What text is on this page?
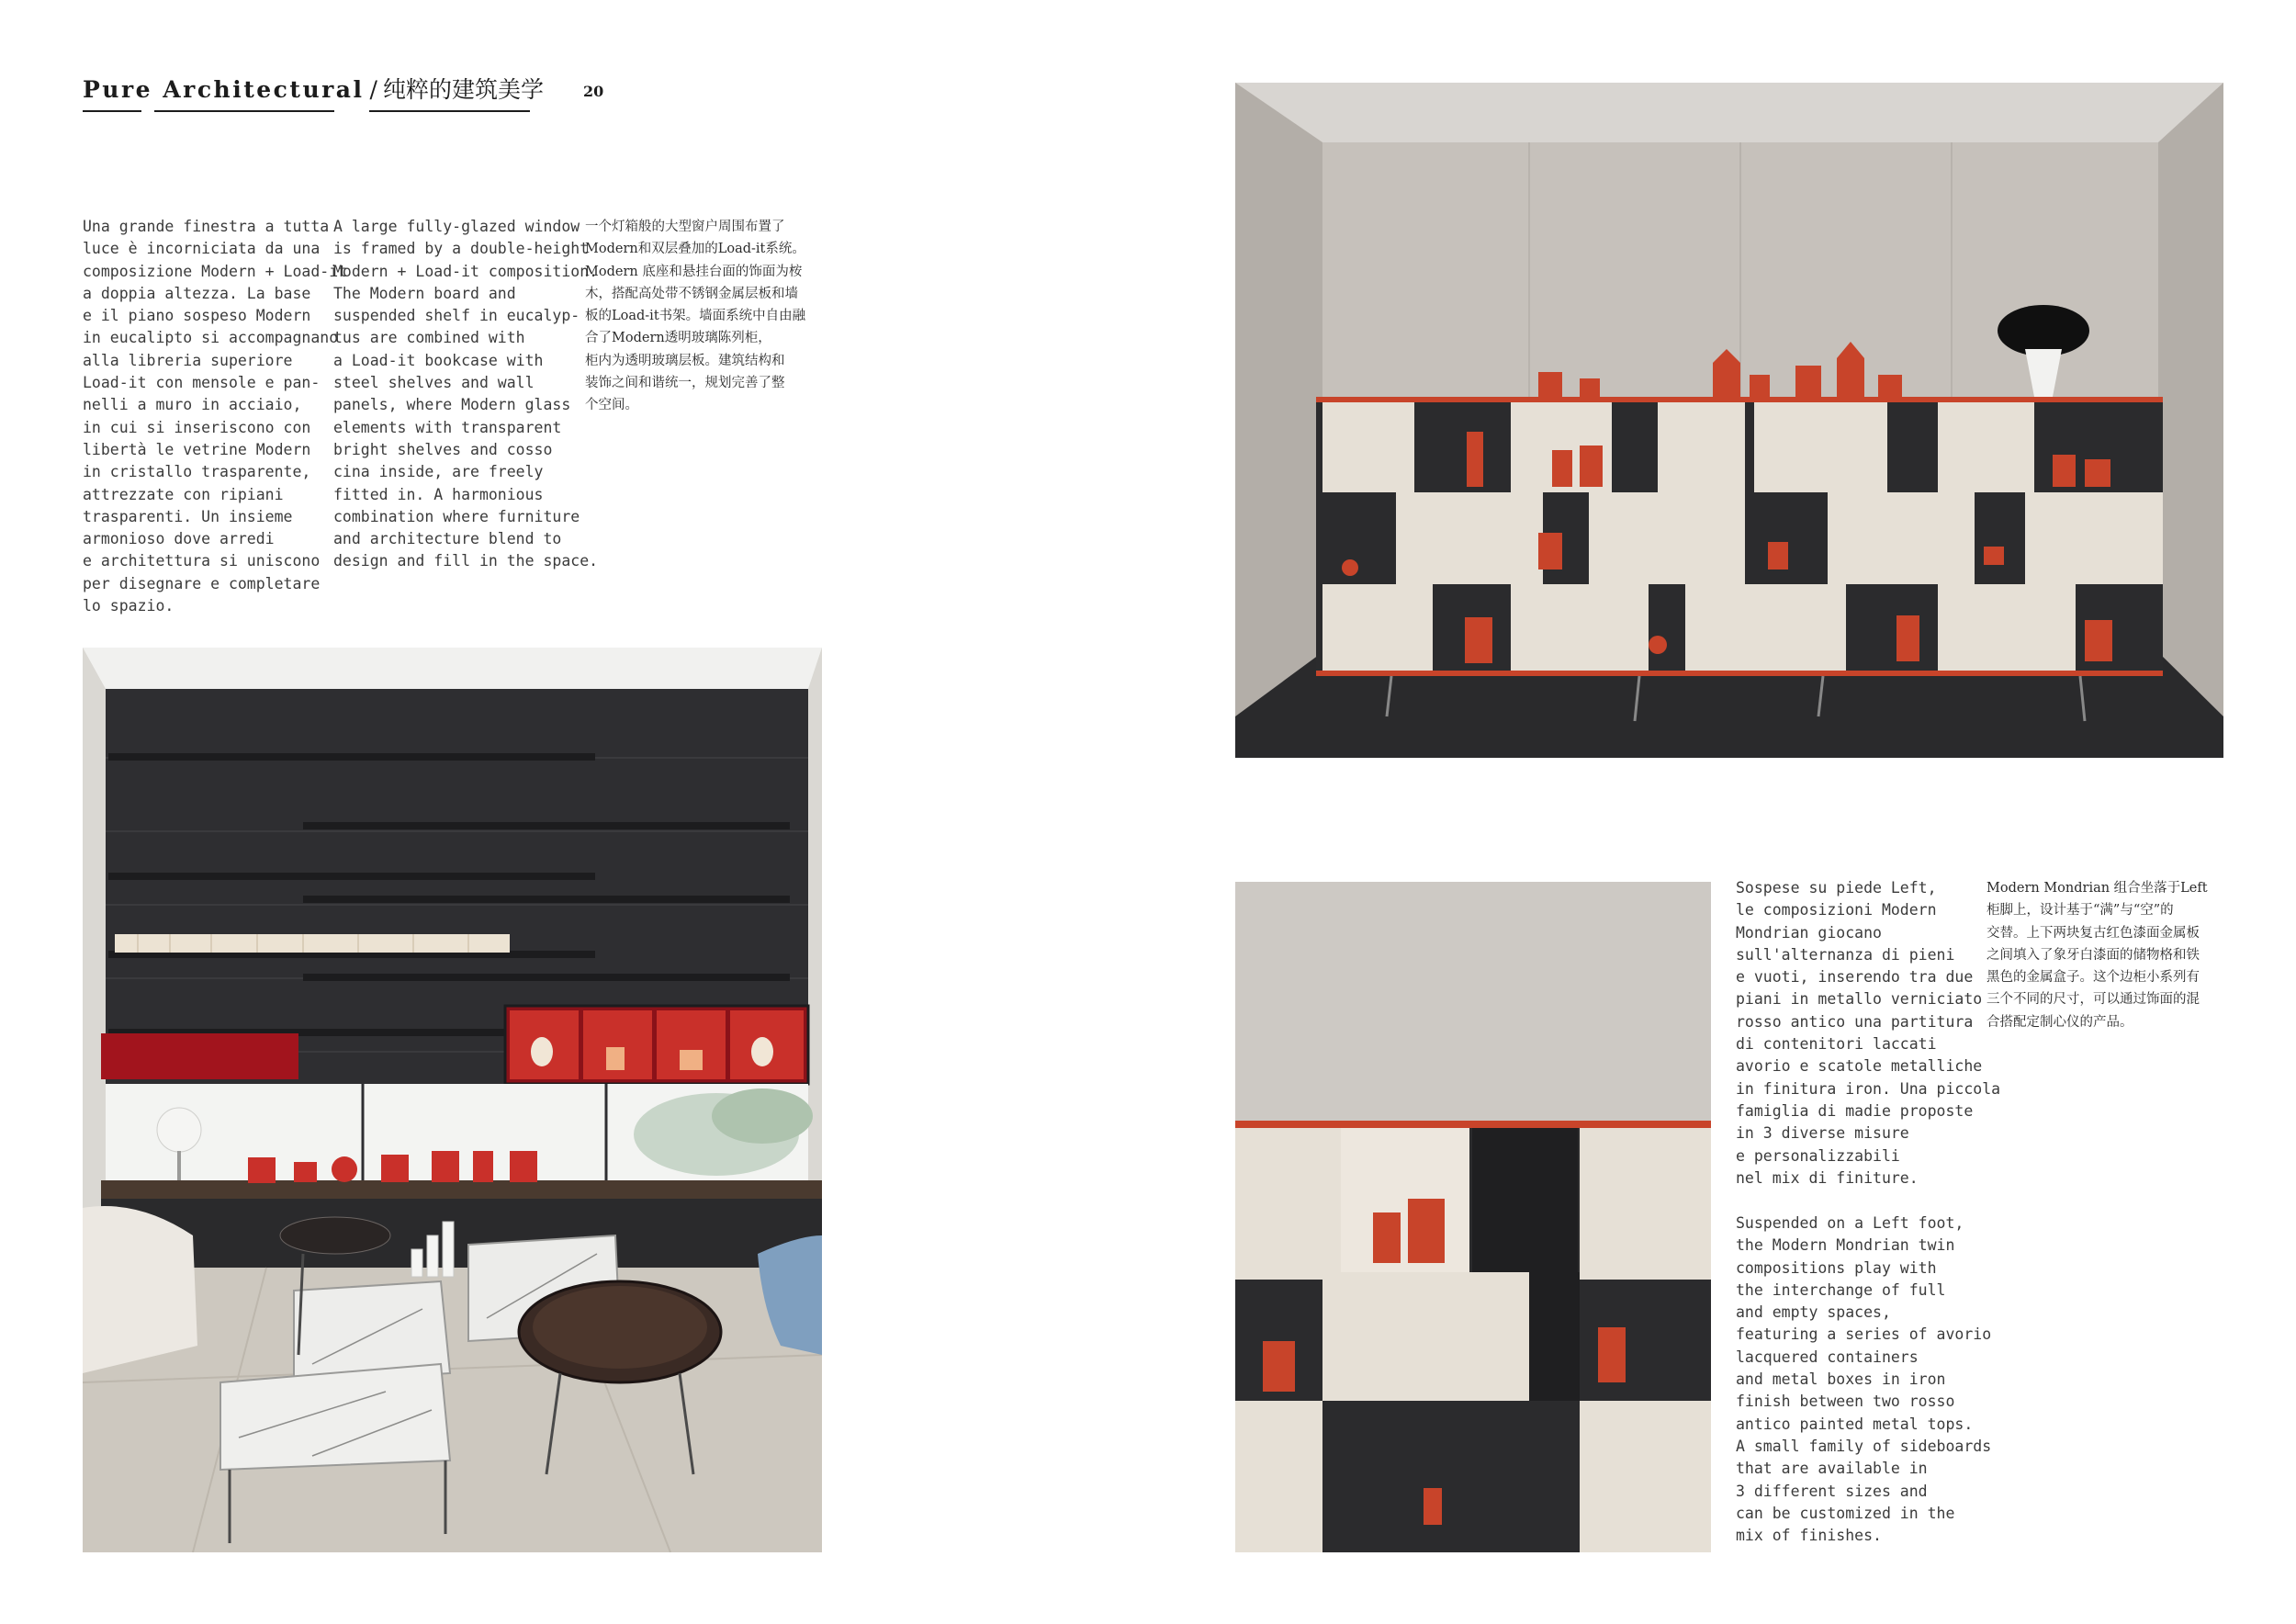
Pure Architectural / 纯粹的建筑美学	20
Una grande finestra a tutta
luce è incorniciata da una
composizione Modern + Load-it
a doppia altezza. La base
e il piano sospeso Modern
in eucalipto si accompagnano
alla libreria superiore
Load-it con mensole e pan-
nelli a muro in acciaio,
in cui si inseriscono con
libertà le vetrine Modern
in cristallo trasparente,
attrezzate con ripiani
trasparenti. Un insieme
armonioso dove arredi
e architettura si uniscono
per disegnare e completare
lo spazio.
A large fully-glazed window
is framed by a double-height
Modern + Load-it composition.
The Modern board and
suspended shelf in eucalyp-
tus are combined with
a Load-it bookcase with
steel shelves and wall
panels, where Modern glass
elements with transparent
bright shelves and cosso
cina inside, are freely
fitted in. A harmonious
combination where furniture
and architecture blend to
design and fill in the space.
一个灯箱般的大型窗户周围布置了
Modern和双层叠加的Load-it系统。
Modern 底座和悬挂台面的饰面为桉
木，搭配高处带不锈钢金属层板和墙
板的Load-it书架。墙面系统中自由融
合了Modern透明玻璃陈列柜，
柜内为透明玻璃层板。建筑结构和
装饰之间和谐统一，规划完善了整
个空间。
Sospese su piede Left,
le composizioni Modern
Mondrian giocano
sull'alternanza di pieni
e vuoti, inserendo tra due
piani in metallo verniciato
rosso antico una partitura
di contenitori laccati
avorio e scatole metalliche
in finitura iron. Una piccola
famiglia di madie proposte
in 3 diverse misure
e personalizzabili
nel mix di finiture.
Suspended on a Left foot,
the Modern Mondrian twin
compositions play with
the interchange of full
and empty spaces,
featuring a series of avorio
lacquered containers
and metal boxes in iron
finish between two rosso
antico painted metal tops.
A small family of sideboards
that are available in
3 different sizes and
can be customized in the
mix of finishes.
Modern Mondrian 组合坐落于Left
柜脚上，设计基于“满”与“空”的
交替。上下两块复古红色漆面金属板
之间填入了象牙白漆面的储物格和铁
黑色的金属盒子。这个边柜小系列有
三个不同的尺寸，可以通过饰面的混
合搭配定制心仪的产品。
